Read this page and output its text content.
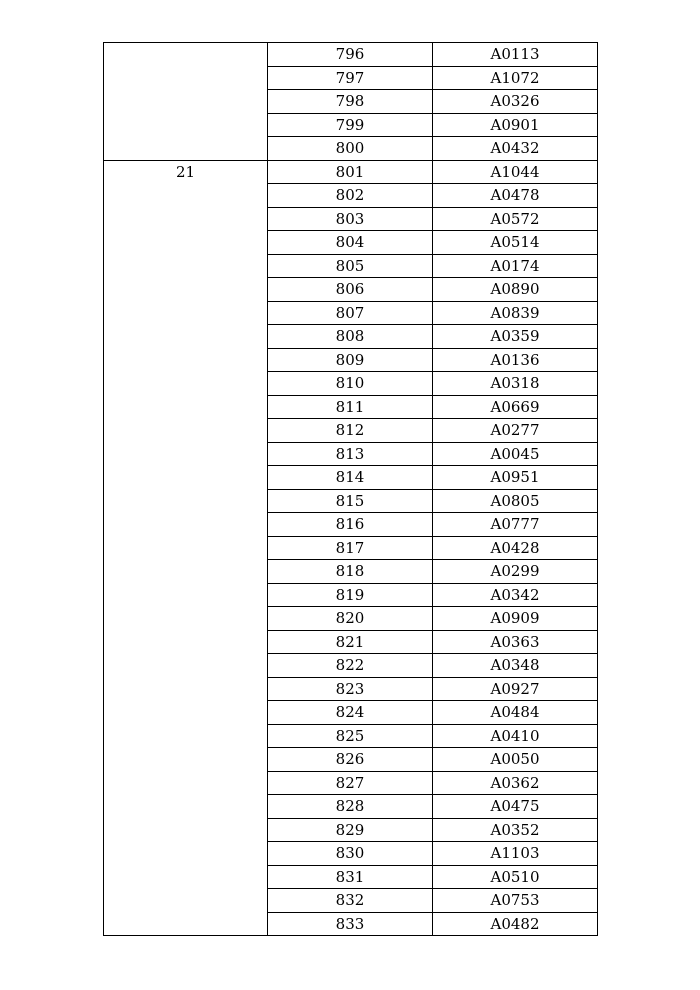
	796	A0113
	797	A1072
	798	A0326
	799	A0901
	800	A0432

21	801	A1044
	802	A0478
	803	A0572
	804	A0514
	805	A0174
	806	A0890
	807	A0839
	808	A0359
	809	A0136
	810	A0318
	811	A0669
	812	A0277
	813	A0045
	814	A0951
	815	A0805
	816	A0777
	817	A0428
	818	A0299
	819	A0342
	820	A0909
	821	A0363
	822	A0348
	823	A0927
	824	A0484
	825	A0410
	826	A0050
	827	A0362
	828	A0475
	829	A0352
	830	A1103
	831	A0510
	832	A0753
	833	A0482
